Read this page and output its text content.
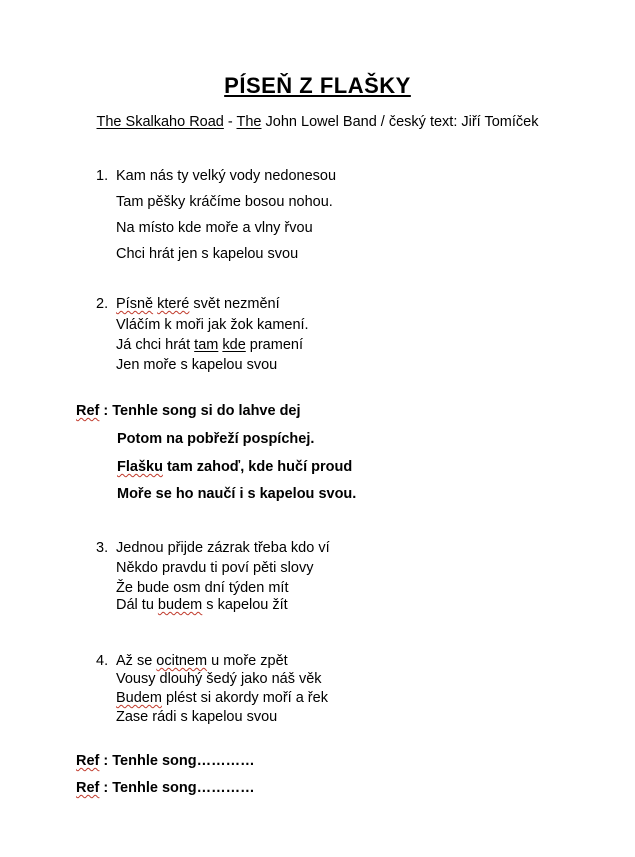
PÍSEŇ Z FLAŠKY
The Skalkaho Road - The John Lowel Band / český text: Jiří Tomíček
1. Kam nás ty velký vody nedonesou
Tam pěšky kráčíme bosou nohou.
Na místo kde moře a vlny řvou
Chci hrát jen s kapelou svou
2. Písně které svět nezmění
Vláčím k moři jak žok kamení.
Já chci hrát tam kde pramení
Jen moře s kapelou svou
Ref : Tenhle song si do lahve dej
Potom na pobřeží pospíchej.
Flašku tam zahoď, kde hučí proud
Moře se ho naučí i s kapelou svou.
3. Jednou přijde zázrak třeba kdo ví
Někdo pravdu ti poví pěti slovy
Že bude osm dní týden mít
Dál tu budem s kapelou žít
4. Až se ocitnem u moře zpět
Vousy dlouhý šedý jako náš věk
Budem plést si akordy moří a řek
Zase rádi s kapelou svou
Ref : Tenhle song…………
Ref : Tenhle song…………
